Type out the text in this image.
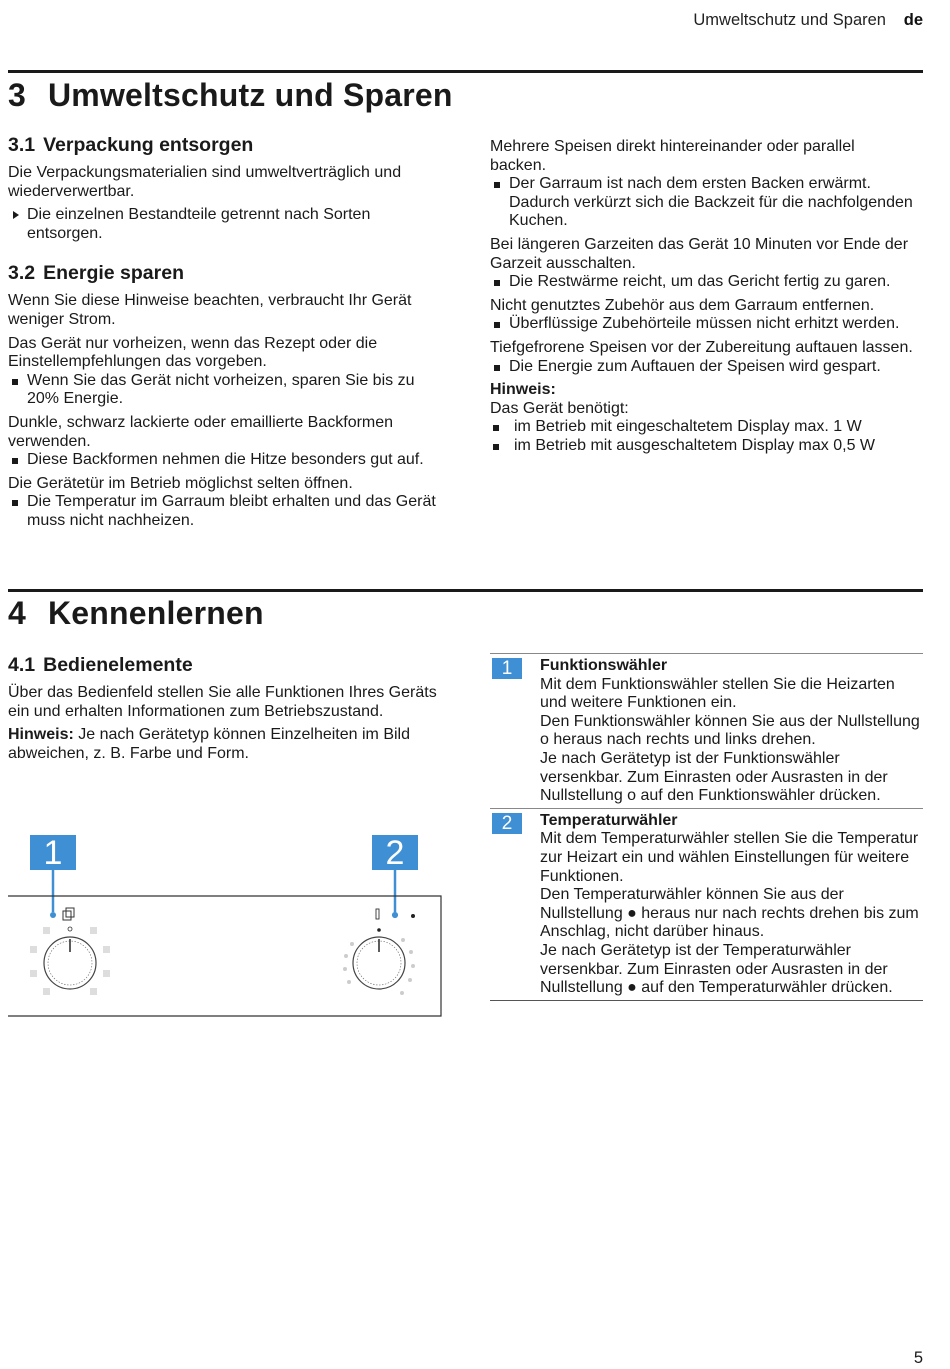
Umweltschutz und Sparen de
3 Umweltschutz und Sparen
3.1 Verpackung entsorgen

Die Verpackungsmaterialien sind umweltverträglich und wiederverwertbar.

Die einzelnen Bestandteile getrennt nach Sorten entsorgen.
3.2 Energie sparen

Wenn Sie diese Hinweise beachten, verbraucht Ihr Gerät weniger Strom.

Das Gerät nur vorheizen, wenn das Rezept oder die Einstellempfehlungen das vorgeben.

Wenn Sie das Gerät nicht vorheizen, sparen Sie bis zu 20% Energie.

Dunkle, schwarz lackierte oder emaillierte Backformen verwenden.

Diese Backformen nehmen die Hitze besonders gut auf.

Die Gerätetür im Betrieb möglichst selten öffnen.

Die Temperatur im Garraum bleibt erhalten und das Gerät muss nicht nachheizen.

Mehrere Speisen direkt hintereinander oder parallel backen.

Der Garraum ist nach dem ersten Backen erwärmt. Dadurch verkürzt sich die Backzeit für die nachfolgenden Kuchen.

Bei längeren Garzeiten das Gerät 10 Minuten vor Ende der Garzeit ausschalten.

Die Restwärme reicht, um das Gericht fertig zu garen.

Nicht genutztes Zubehör aus dem Garraum entfernen.

Überflüssige Zubehörteile müssen nicht erhitzt werden.

Tiefgefrorene Speisen vor der Zubereitung auftauen lassen.

Die Energie zum Auftauen der Speisen wird gespart.

Hinweis:

Das Gerät benötigt:

im Betrieb mit eingeschaltetem Display max. 1 W
im Betrieb mit ausgeschaltetem Display max 0,5 W
4 Kennenlernen
4.1 Bedienelemente

Über das Bedienfeld stellen Sie alle Funktionen Ihres Geräts ein und erhalten Informationen zum Betriebszustand.

Hinweis: Je nach Gerätetyp können Einzelheiten im Bild abweichen, z. B. Farbe und Form.

1	2
1	Funktionswähler

Mit dem Funktionswähler stellen Sie die Heizarten und weitere Funktionen ein.

Den Funktionswähler können Sie aus der Nullstellung o heraus nach rechts und links drehen.

Je nach Gerätetyp ist der Funktionswähler versenkbar. Zum Einrasten oder Ausrasten in der Nullstellung o auf den Funktionswähler drücken.

2	Temperaturwähler

Mit dem Temperaturwähler stellen Sie die Temperatur zur Heizart ein und wählen Einstellungen für weitere Funktionen.

Den Temperaturwähler können Sie aus der Nullstellung ● heraus nur nach rechts drehen bis zum Anschlag, nicht darüber hinaus.

Je nach Gerätetyp ist der Temperaturwähler versenkbar. Zum Einrasten oder Ausrasten in der Nullstellung ● auf den Temperaturwähler drücken.

5
